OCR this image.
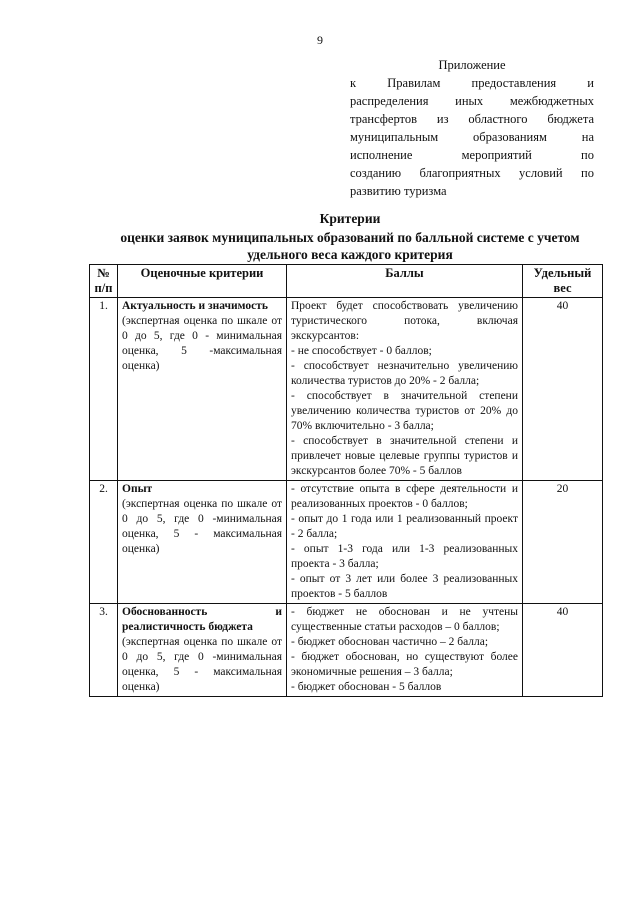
9
Приложение
к Правилам предоставления и
распределения иных межбюджетных
трансфертов из областного бюджета
муниципальным образованиям на
исполнение мероприятий по
созданию благоприятных условий по
развитию туризма
Критерии
оценки заявок муниципальных образований по балльной системе с учетом
удельного веса каждого критерия
№ п/п	Оценочные критерии	Баллы	Удельный вес
1.	Актуальность и значимость
(экспертная оценка по шкале от 0 до 5, где 0 - минимальная оценка, 5 -максимальная оценка)	Проект будет способствовать увеличению туристического потока, включая экскурсантов:
- не способствует - 0 баллов;
- способствует незначительно увеличению количества туристов до 20% - 2 балла;
- способствует в значительной степени увеличению количества туристов от 20% до 70% включительно - 3 балла;
- способствует в значительной степени и привлечет новые целевые группы туристов и экскурсантов более 70% - 5 баллов	40
2.	Опыт
(экспертная оценка по шкале от 0 до 5, где 0 -минимальная оценка, 5 - максимальная оценка)	- отсутствие опыта в сфере деятельности и реализованных проектов - 0 баллов;
- опыт до 1 года или 1 реализованный проект - 2 балла;
- опыт 1-3 года или 1-3 реализованных проекта - 3 балла;
- опыт от 3 лет или более 3 реализованных проектов - 5 баллов	20
3.	Обоснованность и реалистичность бюджета
(экспертная оценка по шкале от 0 до 5, где 0 -минимальная оценка, 5 - максимальная оценка)	- бюджет не обоснован и не учтены существенные статьи расходов – 0 баллов;
- бюджет обоснован частично – 2 балла;
- бюджет обоснован, но существуют более экономичные решения – 3 балла;
- бюджет обоснован - 5 баллов	40
